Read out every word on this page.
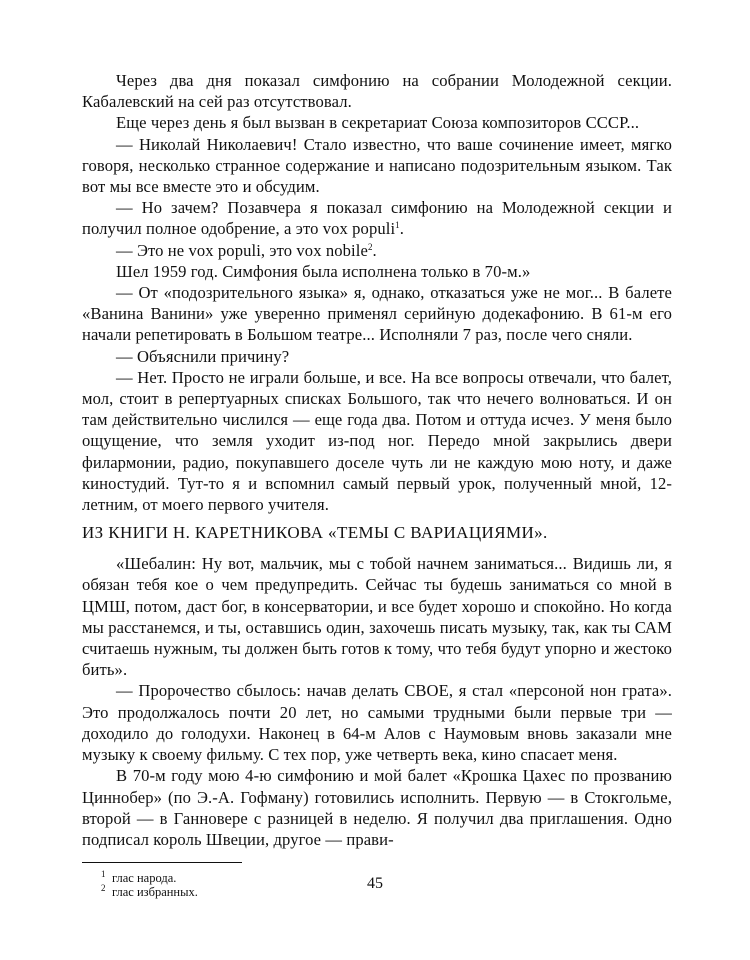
Через два дня показал симфонию на собрании Молодежной секции. Кабалевский на сей раз отсутствовал.

Еще через день я был вызван в секретариат Союза композиторов СССР...

— Николай Николаевич! Стало известно, что ваше сочинение имеет, мягко говоря, несколько странное содержание и написано подозрительным языком. Так вот мы все вместе это и обсудим.

— Но зачем? Позавчера я показал симфонию на Молодежной секции и получил полное одобрение, а это vox populi$^1$.

— Это не vox populi, это vox nobile$^2$.

Шел 1959 год. Симфония была исполнена только в 70-м.»

— От «подозрительного языка» я, однако, отказаться уже не мог... В балете «Ванина Ванини» уже уверенно применял серийную додекафонию. В 61-м его начали репетировать в Большом театре... Исполняли 7 раз, после чего сняли.

— Объяснили причину?

— Нет. Просто не играли больше, и все. На все вопросы отвечали, что балет, мол, стоит в репертуарных списках Большого, так что нечего волноваться. И он там действительно числился — еще года два. Потом и оттуда исчез. У меня было ощущение, что земля уходит из-под ног. Передо мной закрылись двери филармонии, радио, покупавшего доселе чуть ли не каждую мою ноту, и даже киностудий. Тут-то я и вспомнил самый первый урок, полученный мной, 12-летним, от моего первого учителя.

ИЗ КНИГИ Н. КАРЕТНИКОВА «ТЕМЫ С ВАРИАЦИЯМИ».

«Шебалин: Ну вот, мальчик, мы с тобой начнем заниматься... Видишь ли, я обязан тебя кое о чем предупредить. Сейчас ты будешь заниматься со мной в ЦМШ, потом, даст бог, в консерватории, и все будет хорошо и спокойно. Но когда мы расстанемся, и ты, оставшись один, захочешь писать музыку, так, как ты САМ считаешь нужным, ты должен быть готов к тому, что тебя будут упорно и жестоко бить».

— Пророчество сбылось: начав делать СВОЕ, я стал «персоной нон грата». Это продолжалось почти 20 лет, но самыми трудными были первые три — доходило до голодухи. Наконец в 64-м Алов с Наумовым вновь заказали мне музыку к своему фильму. С тех пор, уже четверть века, кино спасает меня.

В 70-м году мою 4-ю симфонию и мой балет «Крошка Цахес по прозванию Циннобер» (по Э.-А. Гофману) готовились исполнить. Первую — в Стокгольме, второй — в Ганновере с разницей в неделю. Я получил два приглашения. Одно подписал король Швеции, другое — прави-

1 глас народа.
2 глас избранных.
45
